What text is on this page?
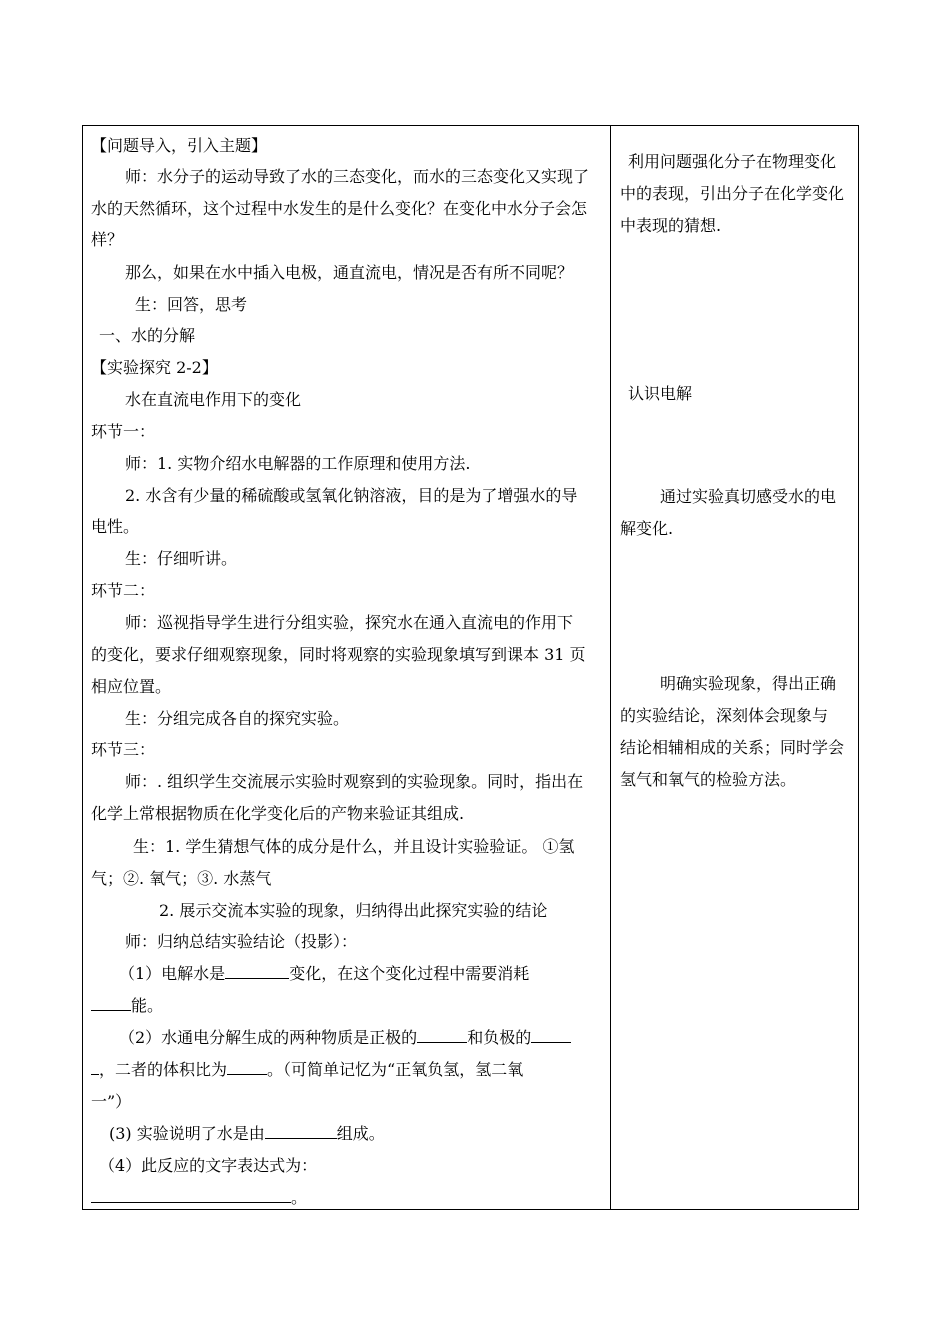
【问题导入，引入主题】
师：水分子的运动导致了水的三态变化，而水的三态变化又实现了
水的天然循环，这个过程中水发生的是什么变化？在变化中水分子会怎
样？
那么，如果在水中插入电极，通直流电，情况是否有所不同呢？
生：回答，思考
一、水的分解
【实验探究 2-2】
水在直流电作用下的变化
环节一：
师：1. 实物介绍水电解器的工作原理和使用方法.
2. 水含有少量的稀硫酸或氢氧化钠溶液，目的是为了增强水的导
电性。
生：仔细听讲。
环节二：
师：巡视指导学生进行分组实验，探究水在通入直流电的作用下
的变化，要求仔细观察现象，同时将观察的实验现象填写到课本 31 页
相应位置。
生：分组完成各自的探究实验。
环节三：
师：. 组织学生交流展示实验时观察到的实验现象。同时，指出在
化学上常根据物质在化学变化后的产物来验证其组成.
生：1. 学生猜想气体的成分是什么，并且设计实验验证。 ①氢
气；②. 氧气；③. 水蒸气
2. 展示交流本实验的现象，归纳得出此探究实验的结论
师：归纳总结实验结论（投影）：
（1）电解水是	变化，在这个变化过程中需要消耗
能。
（2）水通电分解生成的两种物质是正极的	和负极的
，二者的体积比为	。（可简单记忆为“正氧负氢，氢二氧
一”）
(3) 实验说明了水是由	组成。
（4）此反应的文字表达式为：
。
利用问题强化分子在物理变化
中的表现，引出分子在化学变化
中表现的猜想.
认识电解
通过实验真切感受水的电
解变化.
明确实验现象，得出正确
的实验结论，深刻体会现象与
结论相辅相成的关系；同时学会
氢气和氧气的检验方法。
